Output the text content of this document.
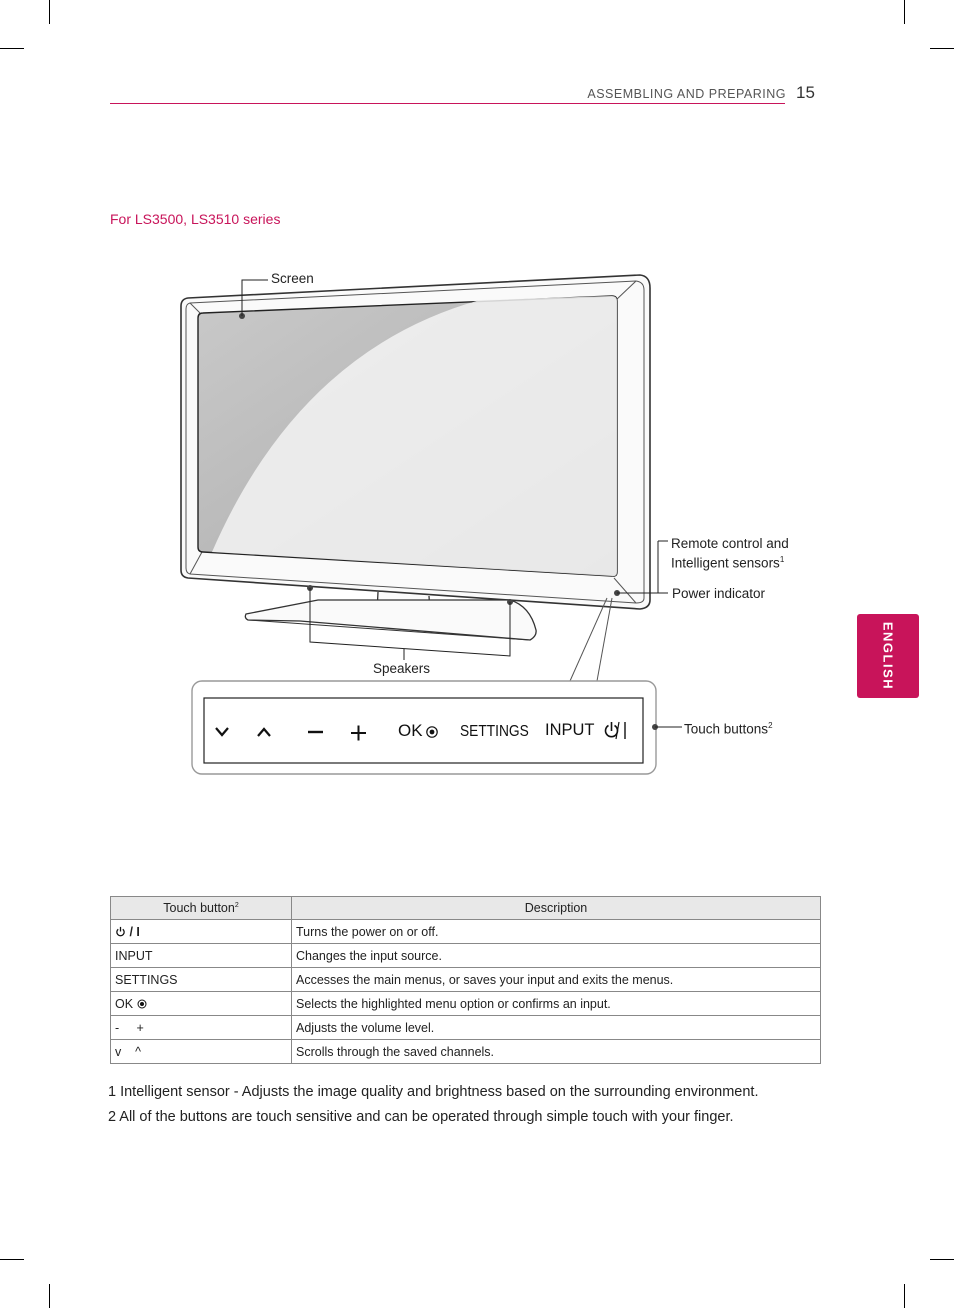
ASSEMBLING AND PREPARING 15
ENGLISH
For LS3500, LS3510 series
Screen
Remote control and
Intelligent sensors$^1$
Power indicator
Speakers
Touch buttons$^2$
OK SETTINGS INPUT
Touch button$^2$	Description
/ I	Turns the power on or off.
INPUT	Changes the input source.
SETTINGS	Accesses the main menus, or saves your input and exits the menus.
OK	Selects the highlighted menu option or confirms an input.
-     +	Adjusts the volume level.
v    ^	Scrolls through the saved channels.
1 Intelligent sensor - Adjusts the image quality and brightness based on the surrounding environment.
2 All of the buttons are touch sensitive and can be operated through simple touch with your finger.
